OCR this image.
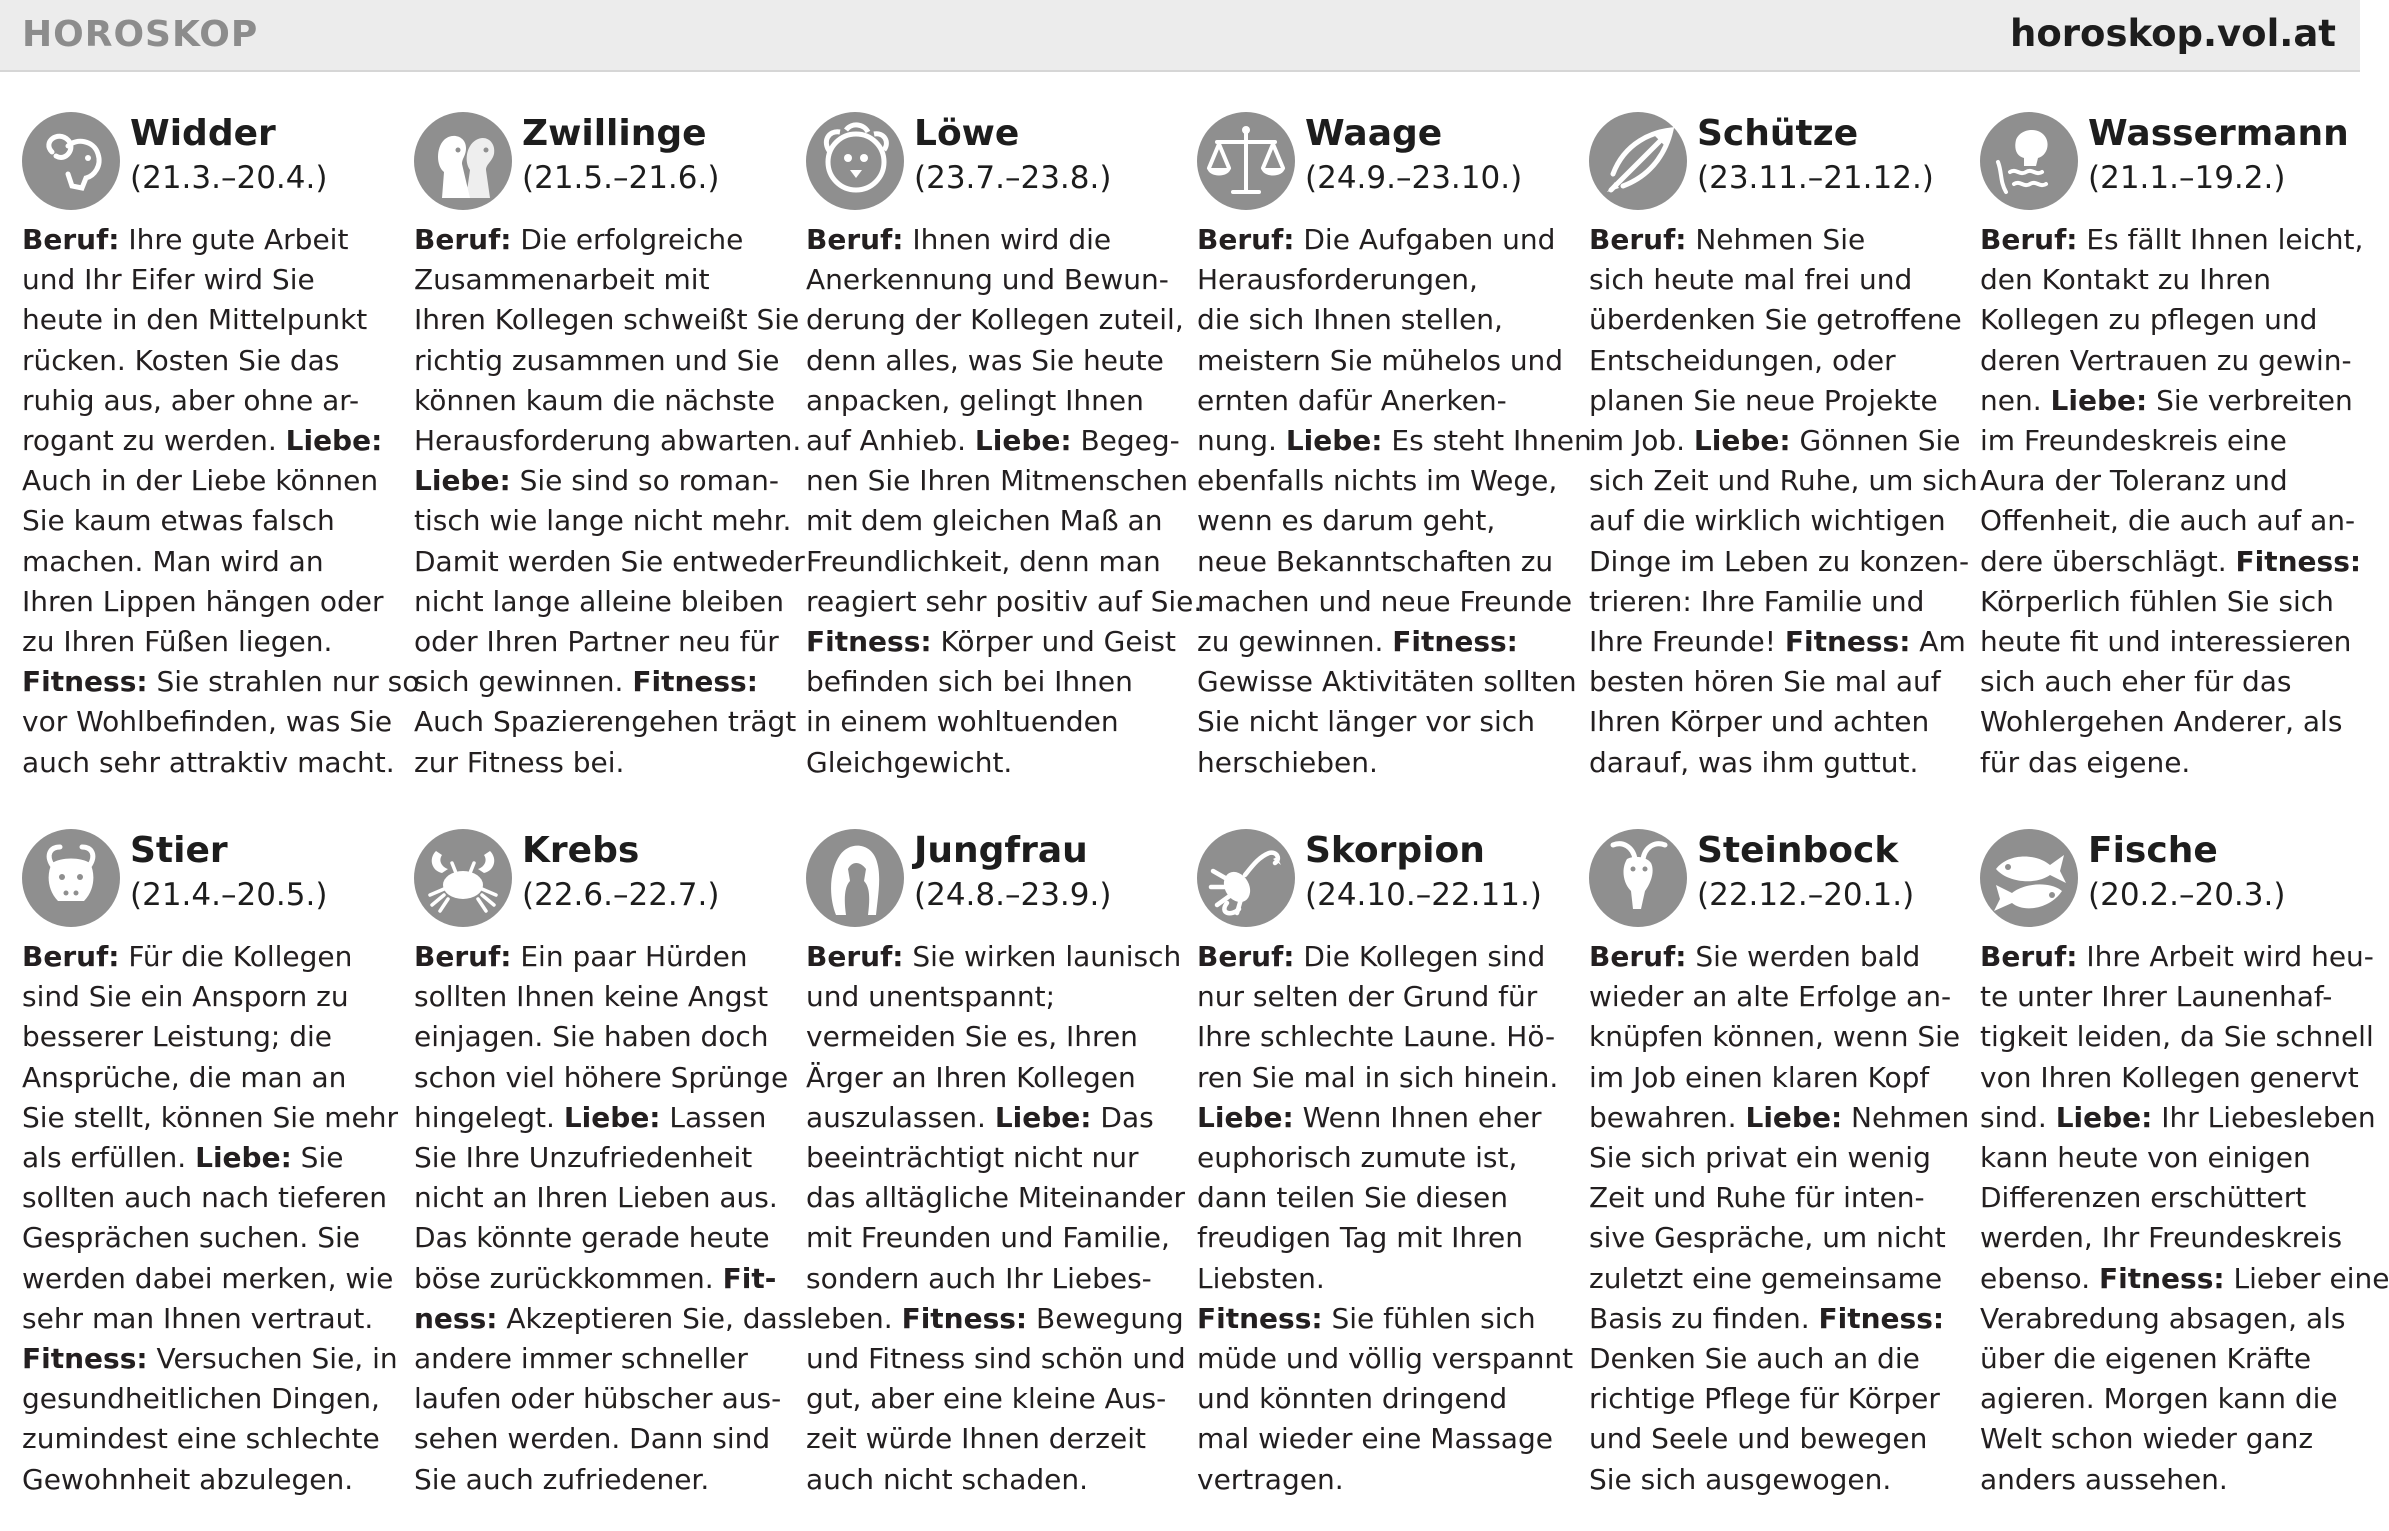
HOROSKOP	horoskop.vol.at
Widder
(21.3.–20.4.)
Beruf: Ihre gute Arbeit
und Ihr Eifer wird Sie
heute in den Mittelpunkt
rücken. Kosten Sie das
ruhig aus, aber ohne ar-
rogant zu werden. Liebe:
Auch in der Liebe können
Sie kaum etwas falsch
machen. Man wird an
Ihren Lippen hängen oder
zu Ihren Füßen liegen.
Fitness: Sie strahlen nur so
vor Wohlbefinden, was Sie
auch sehr attraktiv macht.
Zwillinge
(21.5.–21.6.)
Beruf: Die erfolgreiche
Zusammenarbeit mit
Ihren Kollegen schweißt Sie
richtig zusammen und Sie
können kaum die nächste
Herausforderung abwarten.
Liebe: Sie sind so roman-
tisch wie lange nicht mehr.
Damit werden Sie entweder
nicht lange alleine bleiben
oder Ihren Partner neu für
sich gewinnen. Fitness:
Auch Spazierengehen trägt
zur Fitness bei.
Löwe
(23.7.–23.8.)
Beruf: Ihnen wird die
Anerkennung und Bewun-
derung der Kollegen zuteil,
denn alles, was Sie heute
anpacken, gelingt Ihnen
auf Anhieb. Liebe: Begeg-
nen Sie Ihren Mitmenschen
mit dem gleichen Maß an
Freundlichkeit, denn man
reagiert sehr positiv auf Sie.
Fitness: Körper und Geist
befinden sich bei Ihnen
in einem wohltuenden
Gleichgewicht.
Waage
(24.9.–23.10.)
Beruf: Die Aufgaben und
Herausforderungen,
die sich Ihnen stellen,
meistern Sie mühelos und
ernten dafür Anerken-
nung. Liebe: Es steht Ihnen
ebenfalls nichts im Wege,
wenn es darum geht,
neue Bekanntschaften zu
machen und neue Freunde
zu gewinnen. Fitness:
Gewisse Aktivitäten sollten
Sie nicht länger vor sich
herschieben.
Schütze
(23.11.–21.12.)
Beruf: Nehmen Sie
sich heute mal frei und
überdenken Sie getroffene
Entscheidungen, oder
planen Sie neue Projekte
im Job. Liebe: Gönnen Sie
sich Zeit und Ruhe, um sich
auf die wirklich wichtigen
Dinge im Leben zu konzen-
trieren: Ihre Familie und
Ihre Freunde! Fitness: Am
besten hören Sie mal auf
Ihren Körper und achten
darauf, was ihm guttut.
Wassermann
(21.1.–19.2.)
Beruf: Es fällt Ihnen leicht,
den Kontakt zu Ihren
Kollegen zu pflegen und
deren Vertrauen zu gewin-
nen. Liebe: Sie verbreiten
im Freundeskreis eine
Aura der Toleranz und
Offenheit, die auch auf an-
dere überschlägt. Fitness:
Körperlich fühlen Sie sich
heute fit und interessieren
sich auch eher für das
Wohlergehen Anderer, als
für das eigene.
Stier
(21.4.–20.5.)
Beruf: Für die Kollegen
sind Sie ein Ansporn zu
besserer Leistung; die
Ansprüche, die man an
Sie stellt, können Sie mehr
als erfüllen. Liebe: Sie
sollten auch nach tieferen
Gesprächen suchen. Sie
werden dabei merken, wie
sehr man Ihnen vertraut.
Fitness: Versuchen Sie, in
gesundheitlichen Dingen,
zumindest eine schlechte
Gewohnheit abzulegen.
Krebs
(22.6.–22.7.)
Beruf: Ein paar Hürden
sollten Ihnen keine Angst
einjagen. Sie haben doch
schon viel höhere Sprünge
hingelegt. Liebe: Lassen
Sie Ihre Unzufriedenheit
nicht an Ihren Lieben aus.
Das könnte gerade heute
böse zurückkommen. Fit-
ness: Akzeptieren Sie, dass
andere immer schneller
laufen oder hübscher aus-
sehen werden. Dann sind
Sie auch zufriedener.
Jungfrau
(24.8.–23.9.)
Beruf: Sie wirken launisch
und unentspannt;
vermeiden Sie es, Ihren
Ärger an Ihren Kollegen
auszulassen. Liebe: Das
beeinträchtigt nicht nur
das alltägliche Miteinander
mit Freunden und Familie,
sondern auch Ihr Liebes-
leben. Fitness: Bewegung
und Fitness sind schön und
gut, aber eine kleine Aus-
zeit würde Ihnen derzeit
auch nicht schaden.
Skorpion
(24.10.–22.11.)
Beruf: Die Kollegen sind
nur selten der Grund für
Ihre schlechte Laune. Hö-
ren Sie mal in sich hinein.
Liebe: Wenn Ihnen eher
euphorisch zumute ist,
dann teilen Sie diesen
freudigen Tag mit Ihren
Liebsten.
Fitness: Sie fühlen sich
müde und völlig verspannt
und könnten dringend
mal wieder eine Massage
vertragen.
Steinbock
(22.12.–20.1.)
Beruf: Sie werden bald
wieder an alte Erfolge an-
knüpfen können, wenn Sie
im Job einen klaren Kopf
bewahren. Liebe: Nehmen
Sie sich privat ein wenig
Zeit und Ruhe für inten-
sive Gespräche, um nicht
zuletzt eine gemeinsame
Basis zu finden. Fitness:
Denken Sie auch an die
richtige Pflege für Körper
und Seele und bewegen
Sie sich ausgewogen.
Fische
(20.2.–20.3.)
Beruf: Ihre Arbeit wird heu-
te unter Ihrer Launenhaf-
tigkeit leiden, da Sie schnell
von Ihren Kollegen genervt
sind. Liebe: Ihr Liebesleben
kann heute von einigen
Differenzen erschüttert
werden, Ihr Freundeskreis
ebenso. Fitness: Lieber eine
Verabredung absagen, als
über die eigenen Kräfte
agieren. Morgen kann die
Welt schon wieder ganz
anders aussehen.
